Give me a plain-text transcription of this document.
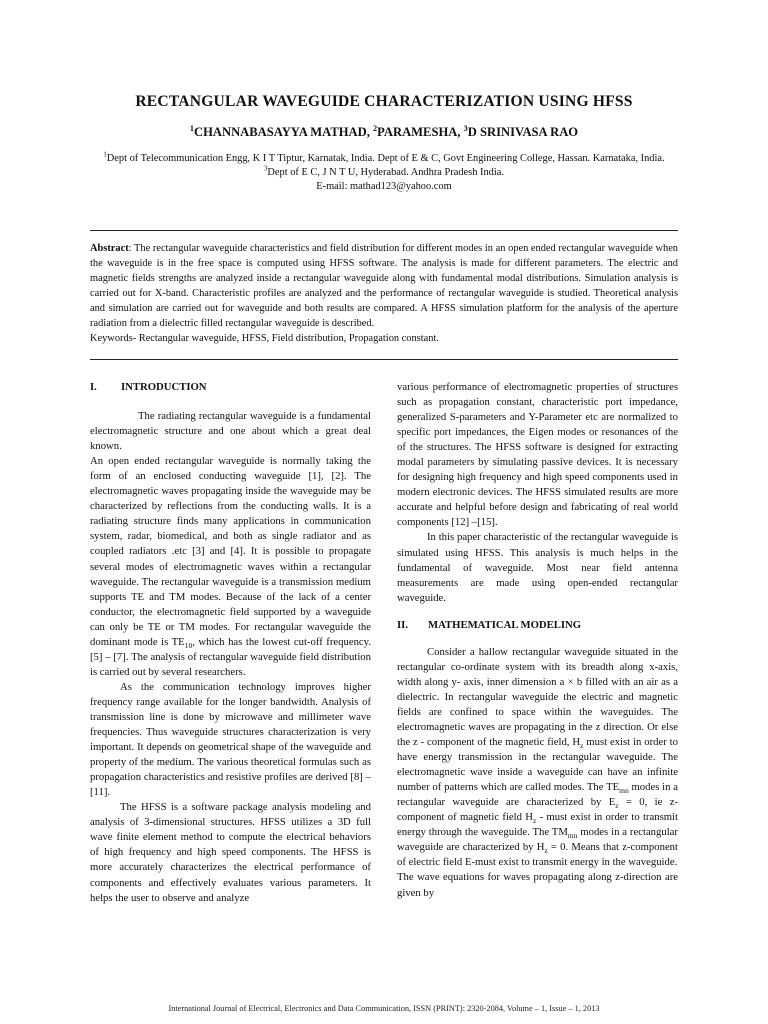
RECTANGULAR WAVEGUIDE CHARACTERIZATION USING HFSS
$^1$CHANNABASAYYA MATHAD, $^2$PARAMESHA, $^3$D SRINIVASA RAO
$^1$Dept of Telecommunication Engg, K I T Tiptur, Karnatak, India. Dept of E & C, Govt Engineering College, Hassan. Karnataka, India.
$^3$Dept of E C, J N T U, Hyderabad. Andhra Pradesh India.
E-mail: mathad123@yahoo.com

Abstract: The rectangular waveguide characteristics and field distribution for different modes in an open ended rectangular waveguide when the waveguide is in the free space is computed using HFSS software. The analysis is made for different parameters. The electric and magnetic fields strengths are analyzed inside a rectangular waveguide along with fundamental modal distributions. Simulation analysis is carried out for X-band. Characteristic profiles are analyzed and the performance of rectangular waveguide is studied. Theoretical analysis and simulation are carried out for waveguide and both results are compared. A HFSS simulation platform for the analysis of the aperture radiation from a dielectric filled rectangular waveguide is described.

Keywords- Rectangular waveguide, HFSS, Field distribution, Propagation constant.

I.	INTRODUCTION

The radiating rectangular waveguide is a fundamental electromagnetic structure and one about which a great deal known.

An open ended rectangular waveguide is normally taking the form of an enclosed conducting waveguide [1], [2]. The electromagnetic waves propagating inside the waveguide may be characterized by reflections from the conducting walls. It is a radiating structure finds many applications in communication system, radar, biomedical, and both as single radiator and as coupled radiators .etc [3] and [4]. It is possible to propagate several modes of electromagnetic waves within a rectangular waveguide. The rectangular waveguide is a transmission medium supports TE and TM modes. Because of the lack of a center conductor, the electromagnetic field supported by a waveguide can only be TE or TM modes. For rectangular waveguide the dominant mode is $TE_{10}$, which has the lowest cut-off frequency. [5] – [7]. The analysis of rectangular waveguide field distribution is carried out by several researchers.

As the communication technology improves higher frequency range available for the longer bandwidth. Analysis of transmission line is done by microwave and millimeter wave frequencies. Thus waveguide structures characterization is very important. It depends on geometrical shape of the waveguide and property of the medium. The various theoretical formulas such as propagation characteristics and resistive profiles are derived [8] – [11].

The HFSS is a software package analysis modeling and analysis of 3-dimensional structures. HFSS utilizes a 3D full wave finite element method to compute the electrical behaviors of high frequency and high speed components. The HFSS is more accurately characterizes the electrical performance of components and effectively evaluates various parameters. It helps the user to observe and analyze

various performance of electromagnetic properties of structures such as propagation constant, characteristic port impedance, generalized S-parameters and Y-Parameter etc are normalized to specific port impedances, the Eigen modes or resonances of the of the structures. The HFSS software is designed for extracting modal parameters by simulating passive devices. It is necessary for designing high frequency and high speed components used in modern electronic devices. The HFSS simulated results are more accurate and helpful before design and fabricating of real world components [12] –[15].

In this paper characteristic of the rectangular waveguide is simulated using HFSS. This analysis is much helps in the fundamental of waveguide. Most near field antenna measurements are made using open-ended rectangular waveguide.

II.	MATHEMATICAL MODELING

Consider a hallow rectangular waveguide situated in the rectangular co-ordinate system with its breadth along x-axis, width along y- axis, inner dimension a × b filled with an air as a dielectric. In rectangular waveguide the electric and magnetic fields are confined to space within the waveguides. The electromagnetic waves are propagating in the z direction. Or else the z - component of the magnetic field, $H_z$ must exist in order to have energy transmission in the rectangular waveguide. The electromagnetic wave inside a waveguide can have an infinite number of patterns which are called modes. The $TE_{mn}$ modes in a rectangular waveguide are characterized by $E_z = 0$, ie z-component of magnetic field $H_z$ - must exist in order to transmit energy through the waveguide. The $TM_{mn}$ modes in a rectangular waveguide are characterized by $H_z = 0$. Means that z-component of electric field E-must exist to transmit energy in the waveguide.

The wave equations for waves propagating along z-direction are given by

International Journal of Electrical, Electronics and Data Communication, ISSN (PRINT): 2320-2084, Volume – 1, Issue – 1, 2013
